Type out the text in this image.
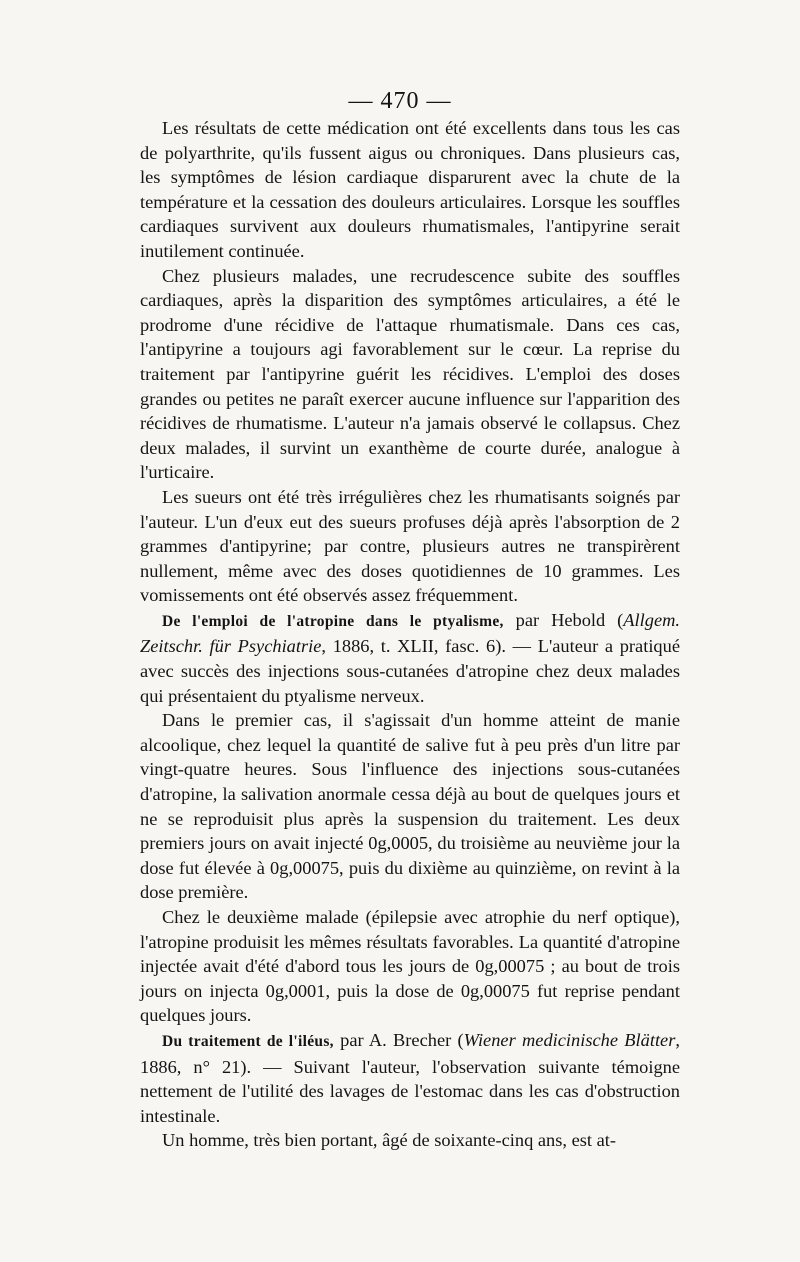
— 470 —

Les résultats de cette médication ont été excellents dans tous les cas de polyarthrite, qu'ils fussent aigus ou chroniques. Dans plusieurs cas, les symptômes de lésion cardiaque disparurent avec la chute de la température et la cessation des douleurs articulaires. Lorsque les souffles cardiaques survivent aux douleurs rhumatismales, l'antipyrine serait inutilement continuée.

Chez plusieurs malades, une recrudescence subite des souffles cardiaques, après la disparition des symptômes articulaires, a été le prodrome d'une récidive de l'attaque rhumatismale. Dans ces cas, l'antipyrine a toujours agi favorablement sur le cœur. La reprise du traitement par l'antipyrine guérit les récidives. L'emploi des doses grandes ou petites ne paraît exercer aucune influence sur l'apparition des récidives de rhumatisme. L'auteur n'a jamais observé le collapsus. Chez deux malades, il survint un exanthème de courte durée, analogue à l'urticaire.

Les sueurs ont été très irrégulières chez les rhumatisants soignés par l'auteur. L'un d'eux eut des sueurs profuses déjà après l'absorption de 2 grammes d'antipyrine; par contre, plusieurs autres ne transpirèrent nullement, même avec des doses quotidiennes de 10 grammes. Les vomissements ont été observés assez fréquemment.

De l'emploi de l'atropine dans le ptyalisme, par Hebold (Allgem. Zeitschr. für Psychiatrie, 1886, t. XLII, fasc. 6). — L'auteur a pratiqué avec succès des injections sous-cutanées d'atropine chez deux malades qui présentaient du ptyalisme nerveux.

Dans le premier cas, il s'agissait d'un homme atteint de manie alcoolique, chez lequel la quantité de salive fut à peu près d'un litre par vingt-quatre heures. Sous l'influence des injections sous-cutanées d'atropine, la salivation anormale cessa déjà au bout de quelques jours et ne se reproduisit plus après la suspension du traitement. Les deux premiers jours on avait injecté 0g,0005, du troisième au neuvième jour la dose fut élevée à 0g,00075, puis du dixième au quinzième, on revint à la dose première.

Chez le deuxième malade (épilepsie avec atrophie du nerf optique), l'atropine produisit les mêmes résultats favorables. La quantité d'atropine injectée avait d'été d'abord tous les jours de 0g,00075 ; au bout de trois jours on injecta 0g,0001, puis la dose de 0g,00075 fut reprise pendant quelques jours.

Du traitement de l'iléus, par A. Brecher (Wiener medicinische Blätter, 1886, n° 21). — Suivant l'auteur, l'observation suivante témoigne nettement de l'utilité des lavages de l'estomac dans les cas d'obstruction intestinale.

Un homme, très bien portant, âgé de soixante-cinq ans, est at-
